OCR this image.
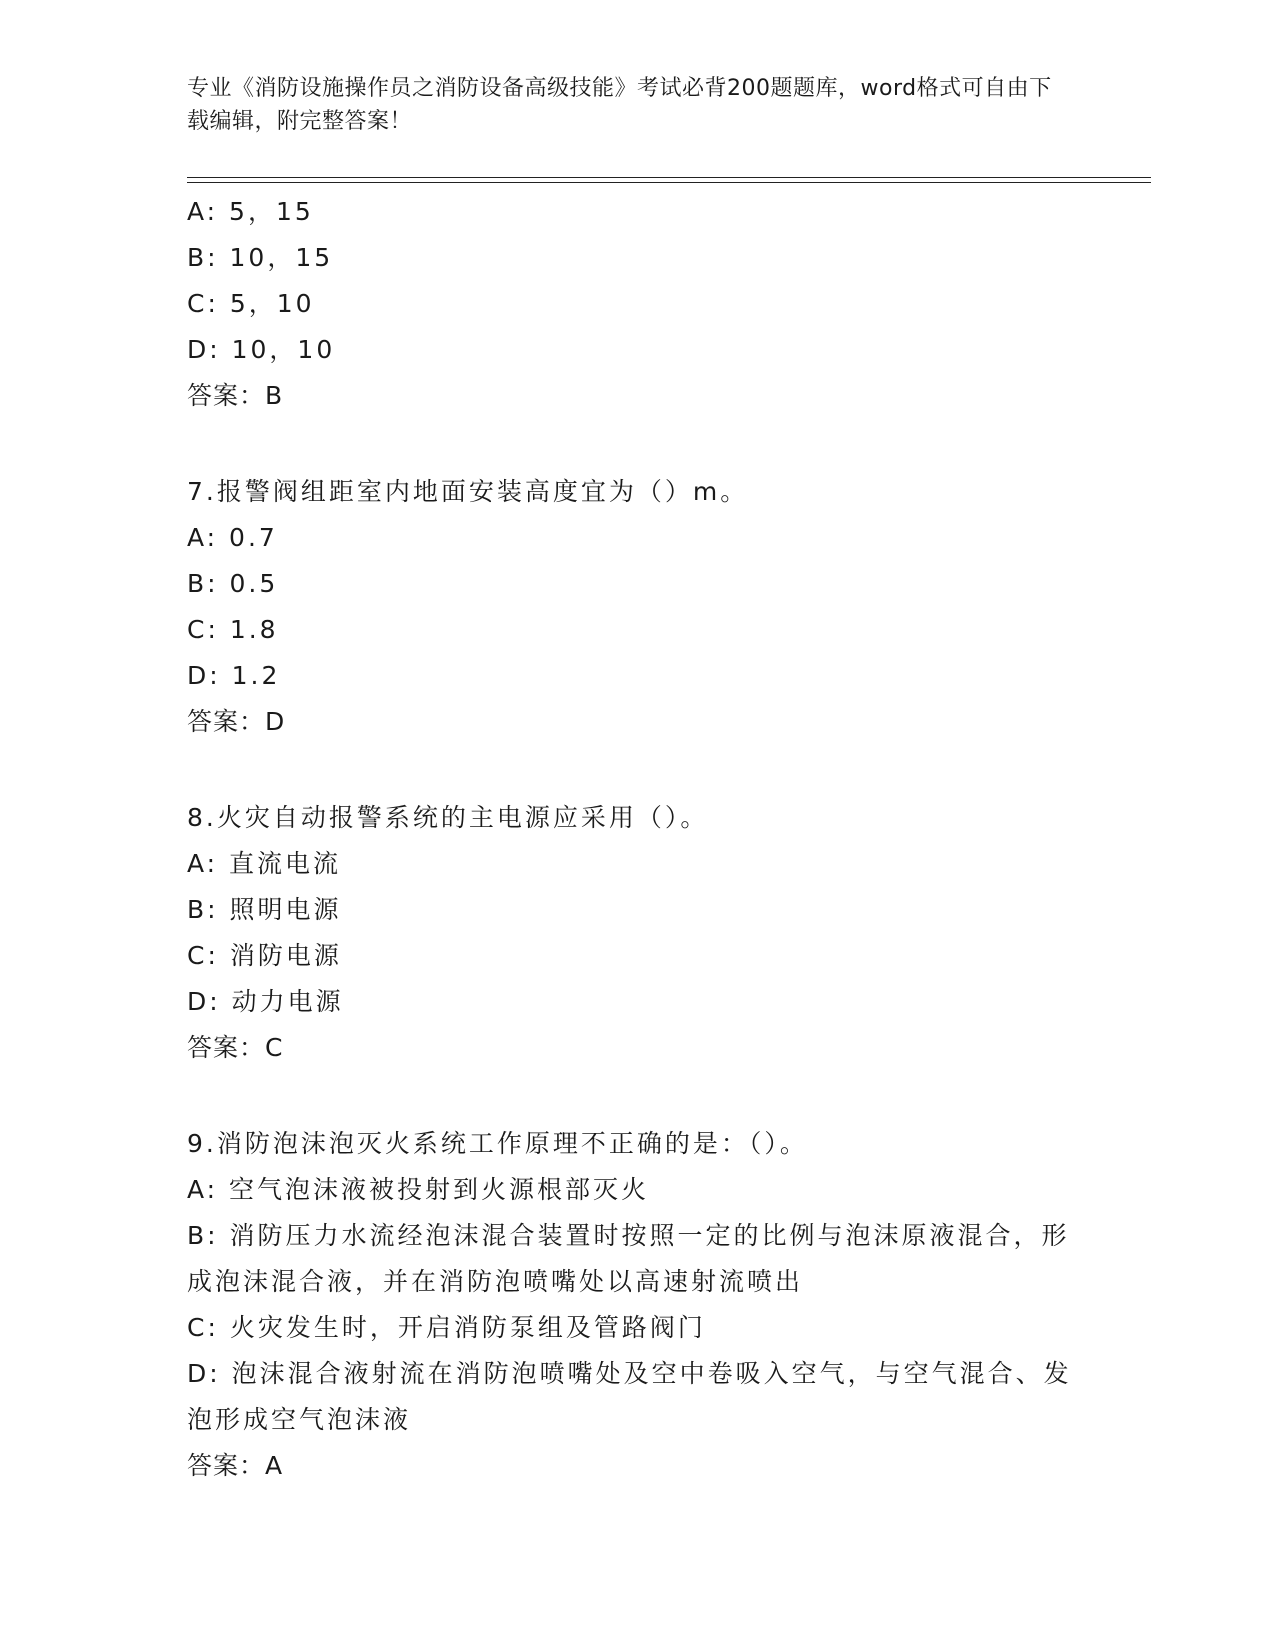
专业《消防设施操作员之消防设备高级技能》考试必背200题题库，word格式可自由下载编辑，附完整答案！
A: 5，15
B: 10，15
C: 5，10
D: 10，10
答案：B
7.报警阀组距室内地面安装高度宜为（）m。
A: 0.7
B: 0.5
C: 1.8
D: 1.2
答案：D
8.火灾自动报警系统的主电源应采用（）。
A: 直流电流
B: 照明电源
C: 消防电源
D: 动力电源
答案：C
9.消防泡沫泡灭火系统工作原理不正确的是：（）。
A: 空气泡沫液被投射到火源根部灭火
B: 消防压力水流经泡沫混合装置时按照一定的比例与泡沫原液混合，形成泡沫混合液，并在消防泡喷嘴处以高速射流喷出
C: 火灾发生时，开启消防泵组及管路阀门
D: 泡沫混合液射流在消防泡喷嘴处及空中卷吸入空气，与空气混合、发泡形成空气泡沫液
答案：A
